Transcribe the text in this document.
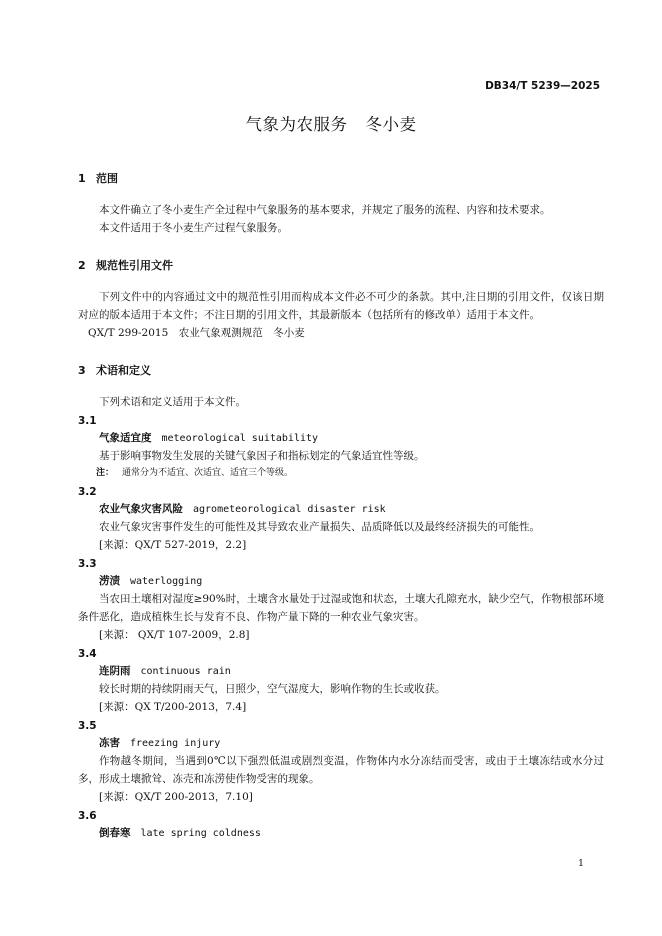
DB34/T 5239—2025
气象为农服务 冬小麦
1 范围
本文件确立了冬小麦生产全过程中气象服务的基本要求，并规定了服务的流程、内容和技术要求。
本文件适用于冬小麦生产过程气象服务。
2 规范性引用文件
下列文件中的内容通过文中的规范性引用而构成本文件必不可少的条款。其中,注日期的引用文件，仅该日期对应的版本适用于本文件；不注日期的引用文件，其最新版本（包括所有的修改单）适用于本文件。
QX/T 299-2015　农业气象观测规范　冬小麦
3 术语和定义
下列术语和定义适用于本文件。
3.1
气象适宜度 meteorological suitability
基于影响事物发生发展的关键气象因子和指标划定的气象适宜性等级。
注： 通常分为不适宜、次适宜、适宜三个等级。
3.2
农业气象灾害风险 agrometeorological disaster risk
农业气象灾害事件发生的可能性及其导致农业产量损失、品质降低以及最终经济损失的可能性。
[来源：QX/T 527-2019，2.2]
3.3
涝渍 waterlogging
当农田土壤相对湿度≥90%时，土壤含水量处于过湿或饱和状态，土壤大孔隙充水，缺少空气，作物根部环境条件恶化，造成植株生长与发育不良、作物产量下降的一种农业气象灾害。
[来源： QX/T 107-2009，2.8]
3.4
连阴雨 continuous rain
较长时期的持续阴雨天气，日照少，空气湿度大，影响作物的生长或收获。
[来源：QX T/200-2013，7.4]
3.5
冻害 freezing injury
作物越冬期间，当遇到0℃以下强烈低温或剧烈变温，作物体内水分冻结而受害，或由于土壤冻结或水分过多，形成土壤掀耸、冻壳和冻涝使作物受害的现象。
[来源：QX/T 200-2013，7.10]
3.6
倒春寒 late spring coldness
1
